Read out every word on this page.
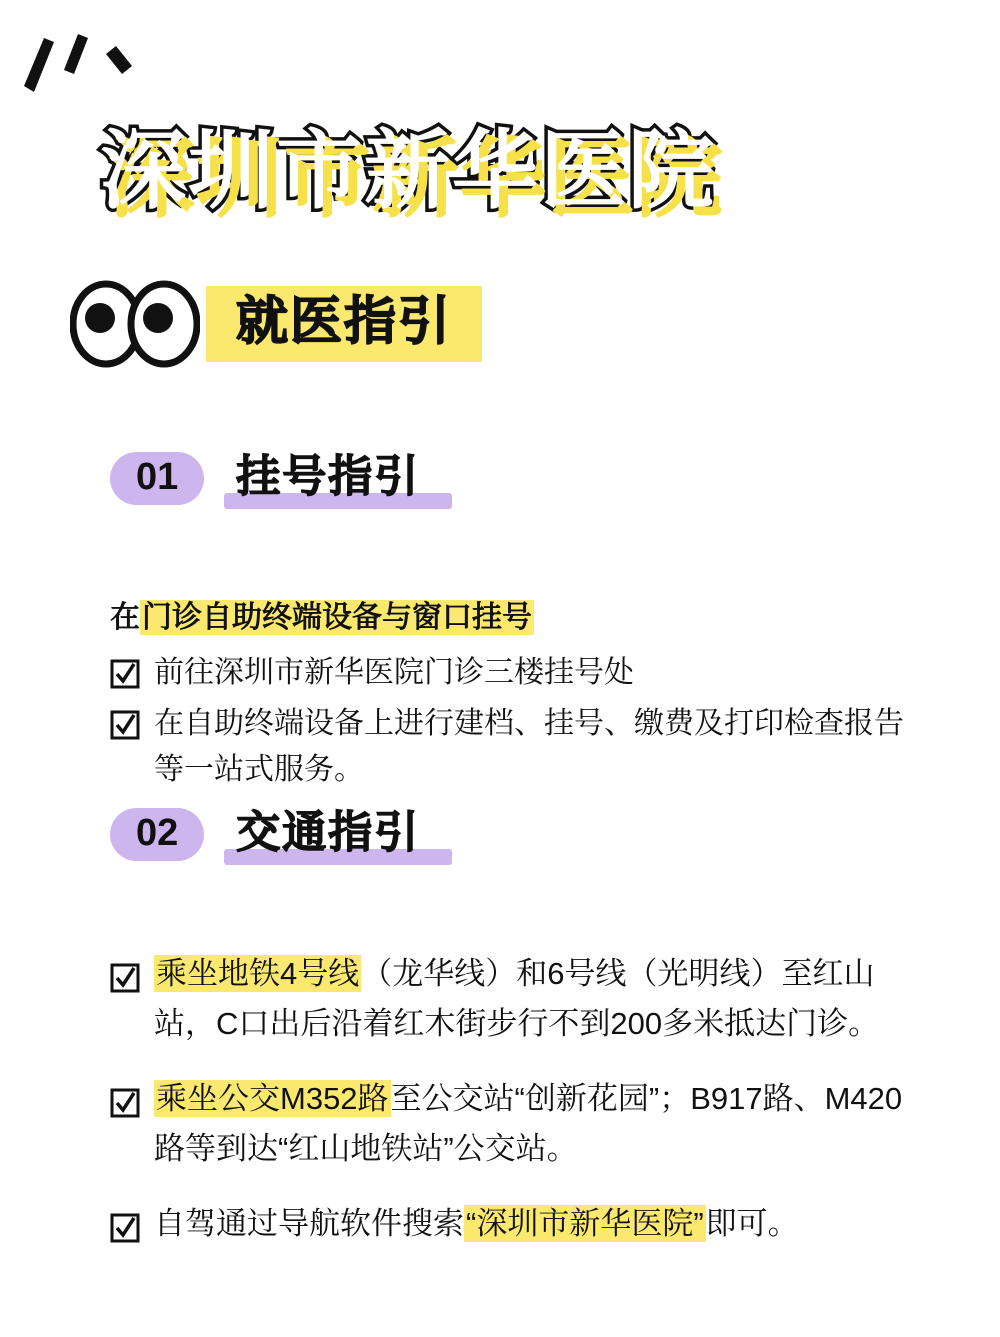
深圳市新华医院
就医指引
01	挂号指引

在门诊自助终端设备与窗口挂号

前往深圳市新华医院门诊三楼挂号处
在自助终端设备上进行建档、挂号、缴费及打印检查报告等一站式服务。
02	交通指引
乘坐地铁4号线（龙华线）和6号线（光明线）至红山站，C口出后沿着红木街步行不到200多米抵达门诊。
乘坐公交M352路至公交站“创新花园”；B917路、M420路等到达“红山地铁站”公交站。
自驾通过导航软件搜索“深圳市新华医院”即可。
